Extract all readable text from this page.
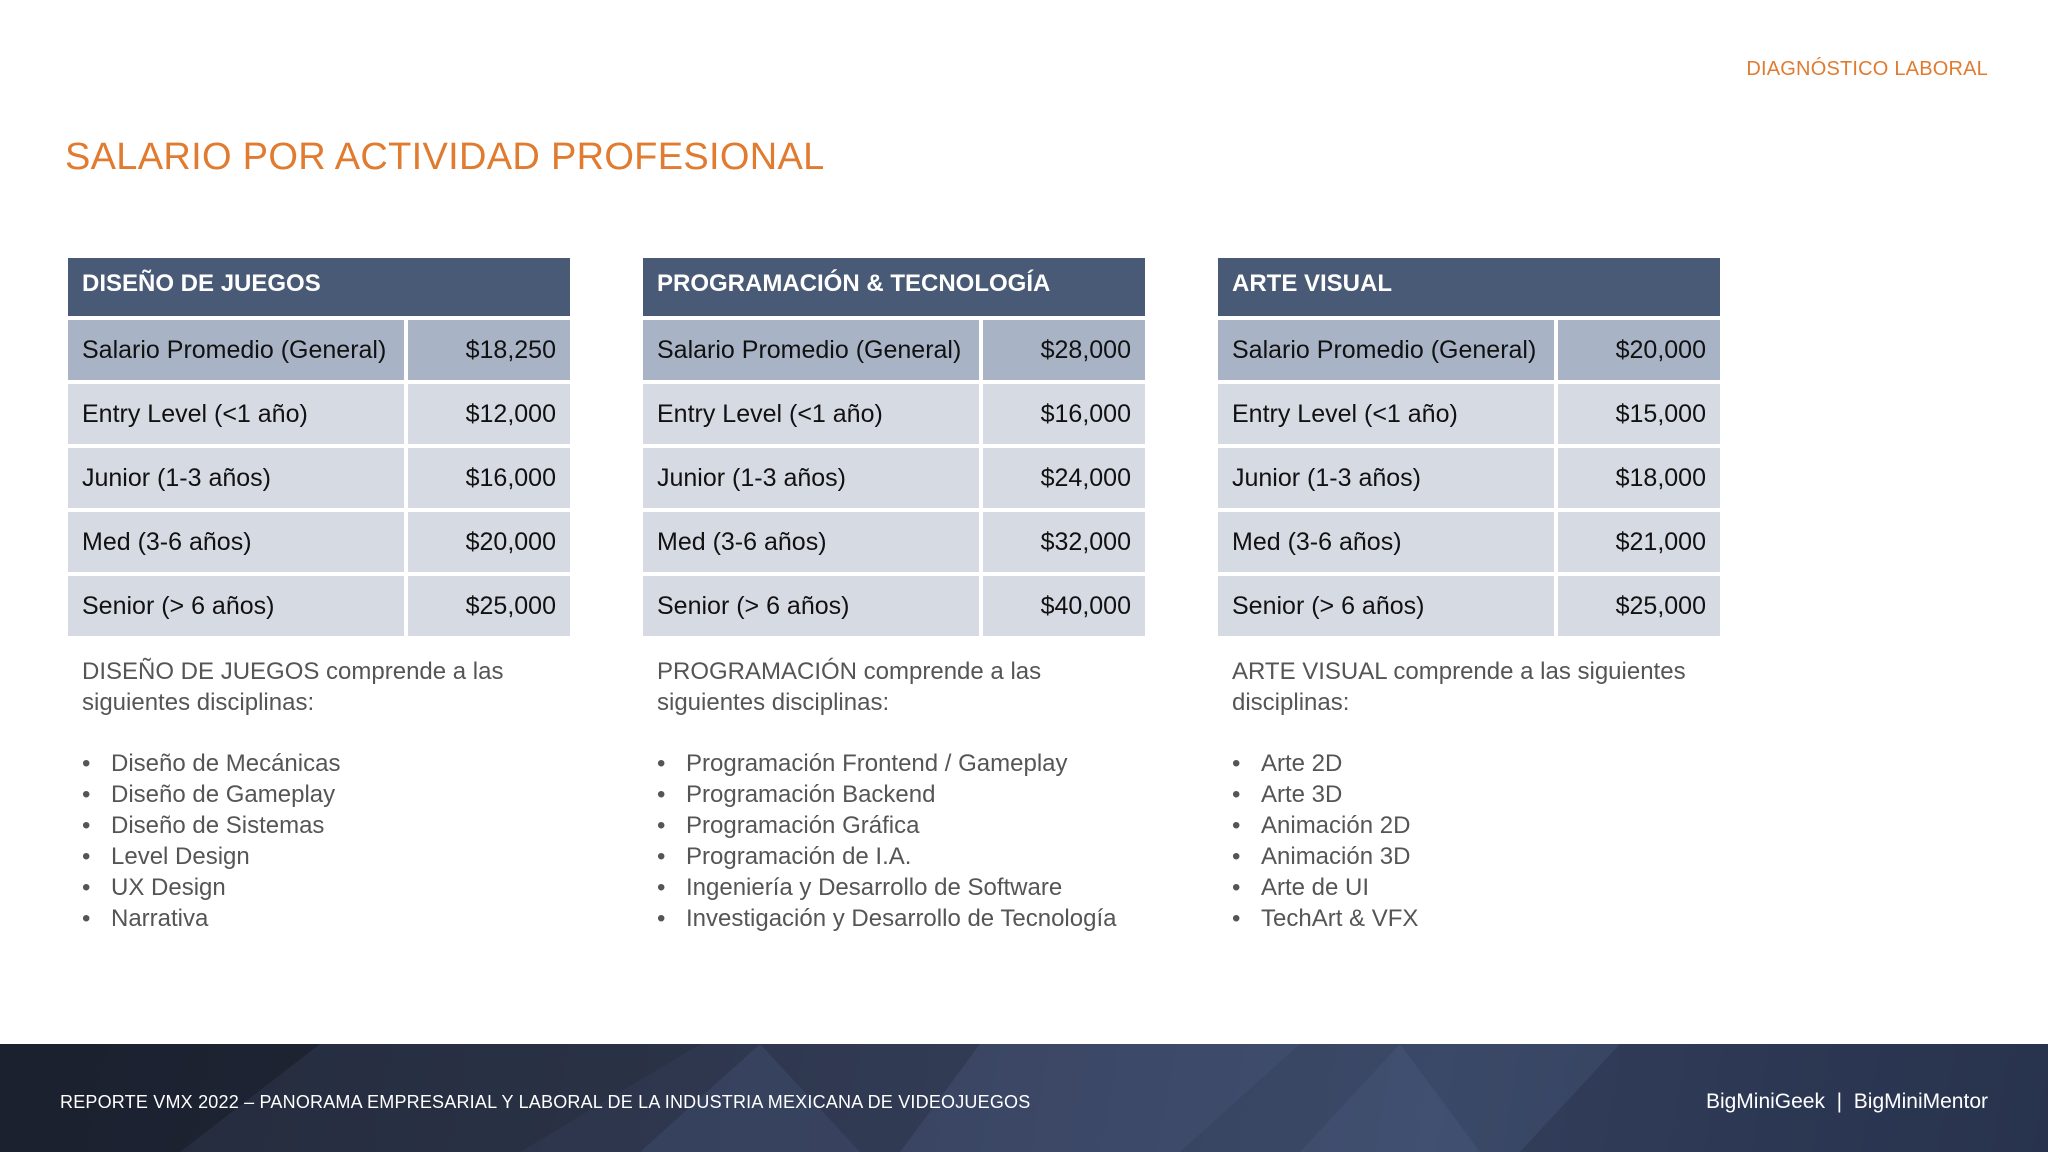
DIAGNÓSTICO LABORAL
SALARIO POR ACTIVIDAD PROFESIONAL
DISEÑO DE JUEGOS
Salario Promedio (General)	$18,250
Entry Level (<1 año)	$12,000
Junior (1-3 años)	$16,000
Med (3-6 años)	$20,000
Senior (> 6 años)	$25,000

DISEÑO DE JUEGOS comprende a las siguientes disciplinas:

• Diseño de Mecánicas
• Diseño de Gameplay
• Diseño de Sistemas
• Level Design
• UX Design
• Narrativa
PROGRAMACIÓN & TECNOLOGÍA
Salario Promedio (General)	$28,000
Entry Level (<1 año)	$16,000
Junior (1-3 años)	$24,000
Med (3-6 años)	$32,000
Senior (> 6 años)	$40,000

PROGRAMACIÓN comprende a las siguientes disciplinas:

• Programación Frontend / Gameplay
• Programación Backend
• Programación Gráfica
• Programación de I.A.
• Ingeniería y Desarrollo de Software
• Investigación y Desarrollo de Tecnología
ARTE VISUAL
Salario Promedio (General)	$20,000
Entry Level (<1 año)	$15,000
Junior (1-3 años)	$18,000
Med (3-6 años)	$21,000
Senior (> 6 años)	$25,000

ARTE VISUAL comprende a las siguientes disciplinas:

• Arte 2D
• Arte 3D
• Animación 2D
• Animación 3D
• Arte de UI
• TechArt & VFX
REPORTE VMX 2022 – PANORAMA EMPRESARIAL Y LABORAL DE LA INDUSTRIA MEXICANA DE VIDEOJUEGOS	BigMiniGeek  |  BigMiniMentor
